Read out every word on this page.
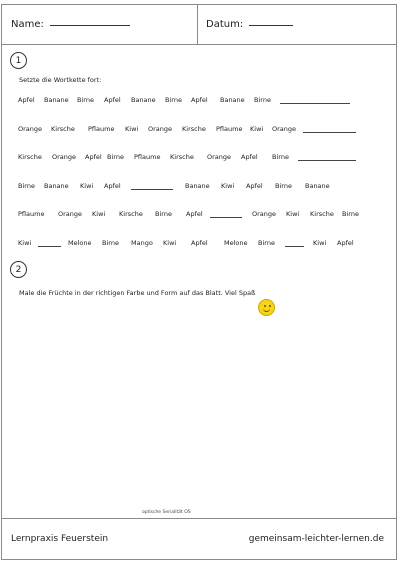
Name:	Datum:
1
Setzte die Wortkette fort:
Apfel Banane Birne Apfel Banane Birne Apfel Banane Birne
Orange Kirsche Pflaume Kiwi Orange Kirsche Pflaume Kiwi Orange
Kirsche Orange Apfel Birne Pflaume Kirsche Orange Apfel Birne
Birne Banane Kiwi Apfel	Banane Kiwi Apfel Birne Banane
Pflaume Orange Kiwi Kirsche Birne Apfel	Orange Kiwi Kirsche Birne
Kiwi	Melone Birne Mango Kiwi Apfel	Melone Birne	Kiwi Apfel
2
Male die Früchte in der richtigen Farbe und Form auf das Blatt. Viel Spaß
optische Serialität OS
Lernpraxis Feuerstein	gemeinsam-leichter-lernen.de
